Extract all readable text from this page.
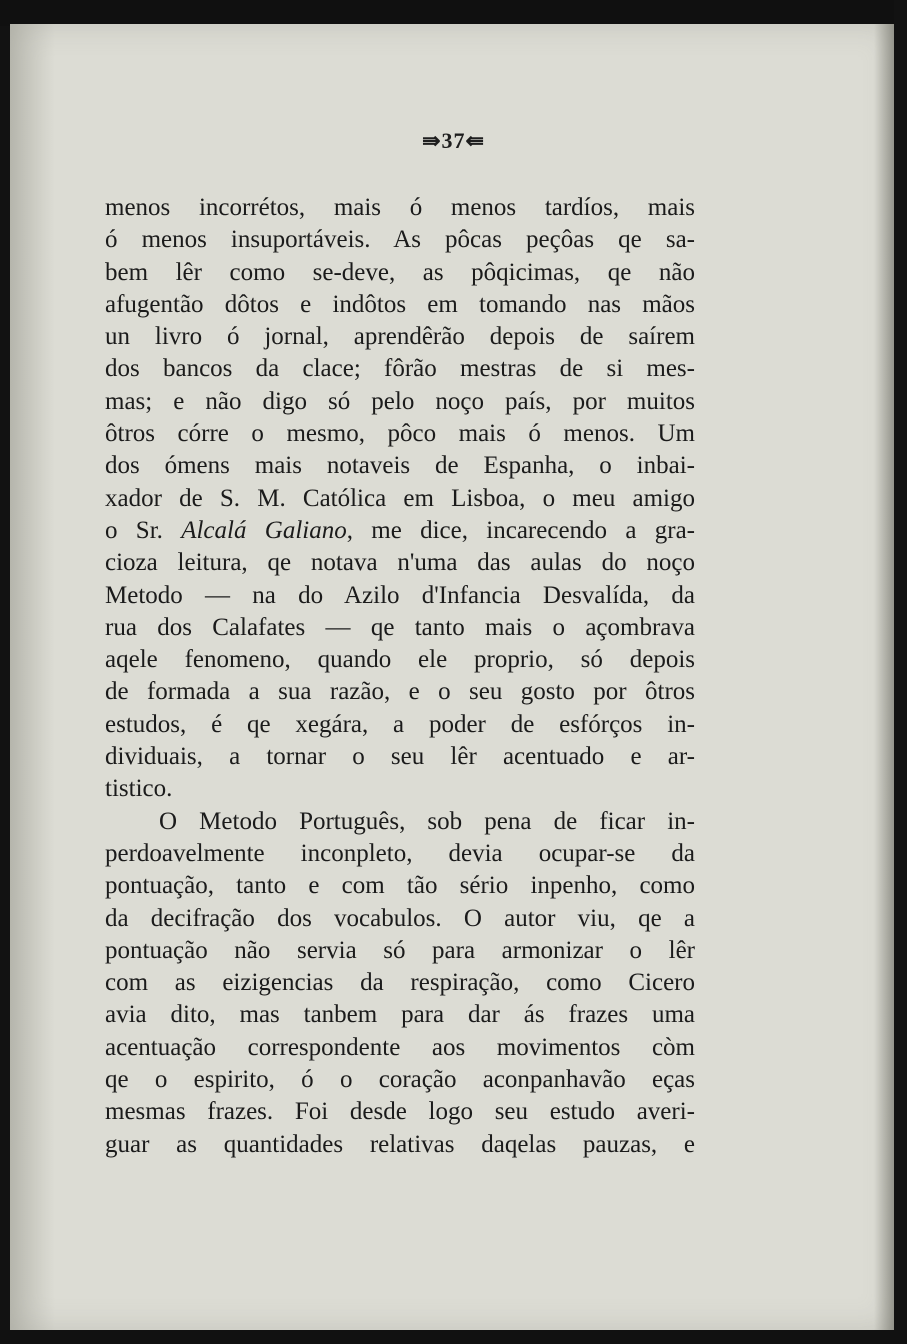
⇛37⇚
menos incorrétos, mais ó menos tardíos, mais
ó menos insuportáveis. As pôcas peçôas qe sa-
bem lêr como se-deve, as pôqicimas, qe não
afugentão dôtos e indôtos em tomando nas mãos
un livro ó jornal, aprendêrão depois de saírem
dos bancos da clace; fôrão mestras de si mes-
mas; e não digo só pelo noço país, por muitos
ôtros córre o mesmo, pôco mais ó menos. Um
dos ómens mais notaveis de Espanha, o inbai-
xador de S. M. Católica em Lisboa, o meu amigo
o Sr. Alcalá Galiano, me dice, incarecendo a gra-
cioza leitura, qe notava n'uma das aulas do noço
Metodo — na do Azilo d'Infancia Desvalída, da
rua dos Calafates — qe tanto mais o açombrava
aqele fenomeno, quando ele proprio, só depois
de formada a sua razão, e o seu gosto por ôtros
estudos, é qe xegára, a poder de esfórços in-
dividuais, a tornar o seu lêr acentuado e ar-
tistico.
O Metodo Português, sob pena de ficar in-
perdoavelmente inconpleto, devia ocupar-se da
pontuação, tanto e com tão sério inpenho, como
da decifração dos vocabulos. O autor viu, qe a
pontuação não servia só para armonizar o lêr
com as eizigencias da respiração, como Cicero
avia dito, mas tanbem para dar ás frazes uma
acentuação correspondente aos movimentos còm
qe o espirito, ó o coração aconpanhavão eças
mesmas frazes. Foi desde logo seu estudo averi-
guar as quantidades relativas daqelas pauzas, e
